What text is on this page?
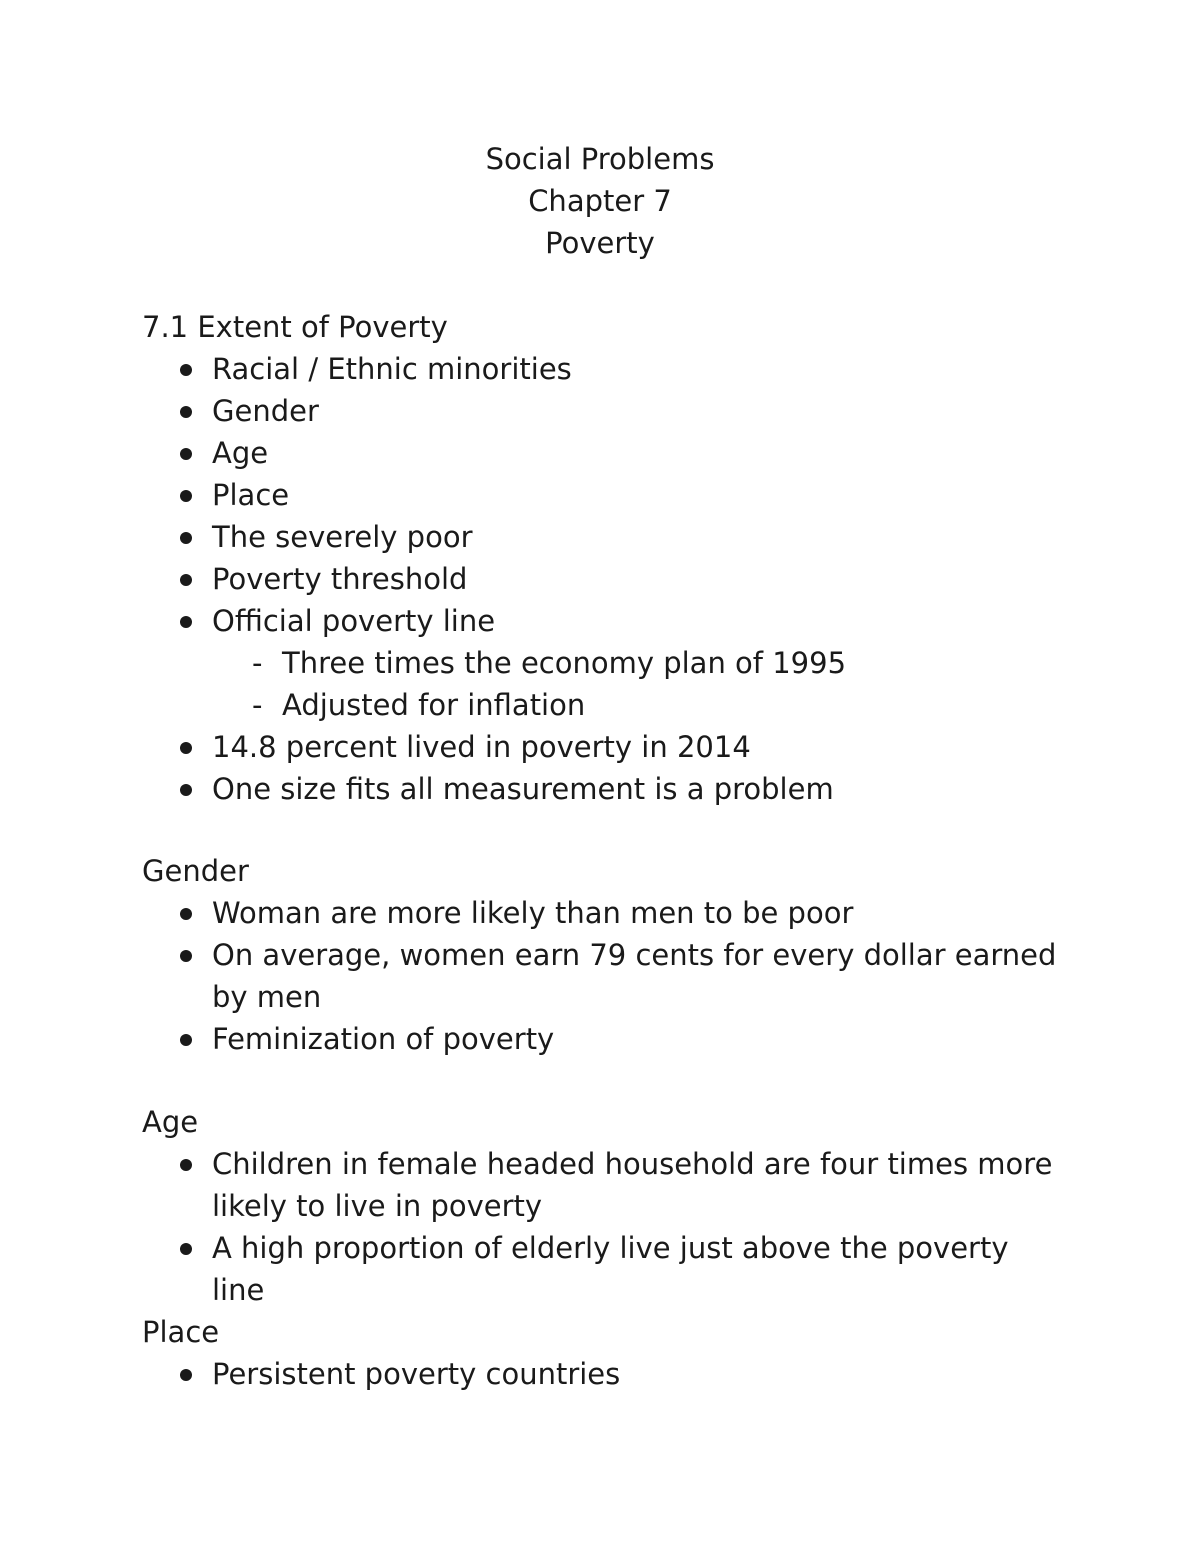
Social Problems
Chapter 7
Poverty
7.1 Extent of Poverty
Racial / Ethnic minorities
Gender
Age
Place
The severely poor
Poverty threshold
Official poverty line
- Three times the economy plan of 1995
- Adjusted for inflation
14.8 percent lived in poverty in 2014
One size fits all measurement is a problem
Gender
Woman are more likely than men to be poor
On average, women earn 79 cents for every dollar earned by men
Feminization of poverty
Age
Children in female headed household are four times more likely to live in poverty
A high proportion of elderly live just above the poverty line
Place
Persistent poverty countries
